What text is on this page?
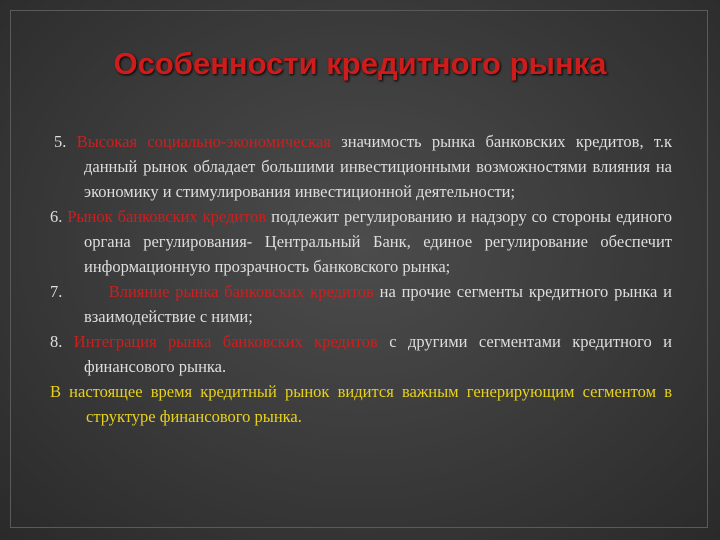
Особенности кредитного рынка
5. Высокая социально-экономическая значимость рынка банковских кредитов, т.к данный рынок обладает большими инвестиционными возможностями влияния на экономику и стимулирования инвестиционной деятельности;
6. Рынок банковских кредитов подлежит регулированию и надзору со стороны единого органа регулирования- Центральный Банк, единое регулирование обеспечит информационную прозрачность банковского рынка;
7.	Влияние рынка банковских кредитов на прочие сегменты кредитного рынка и взаимодействие с ними;
8. Интеграция рынка банковских кредитов с другими сегментами кредитного и финансового рынка.
В настоящее время кредитный рынок видится важным генерирующим сегментом в структуре финансового рынка.
